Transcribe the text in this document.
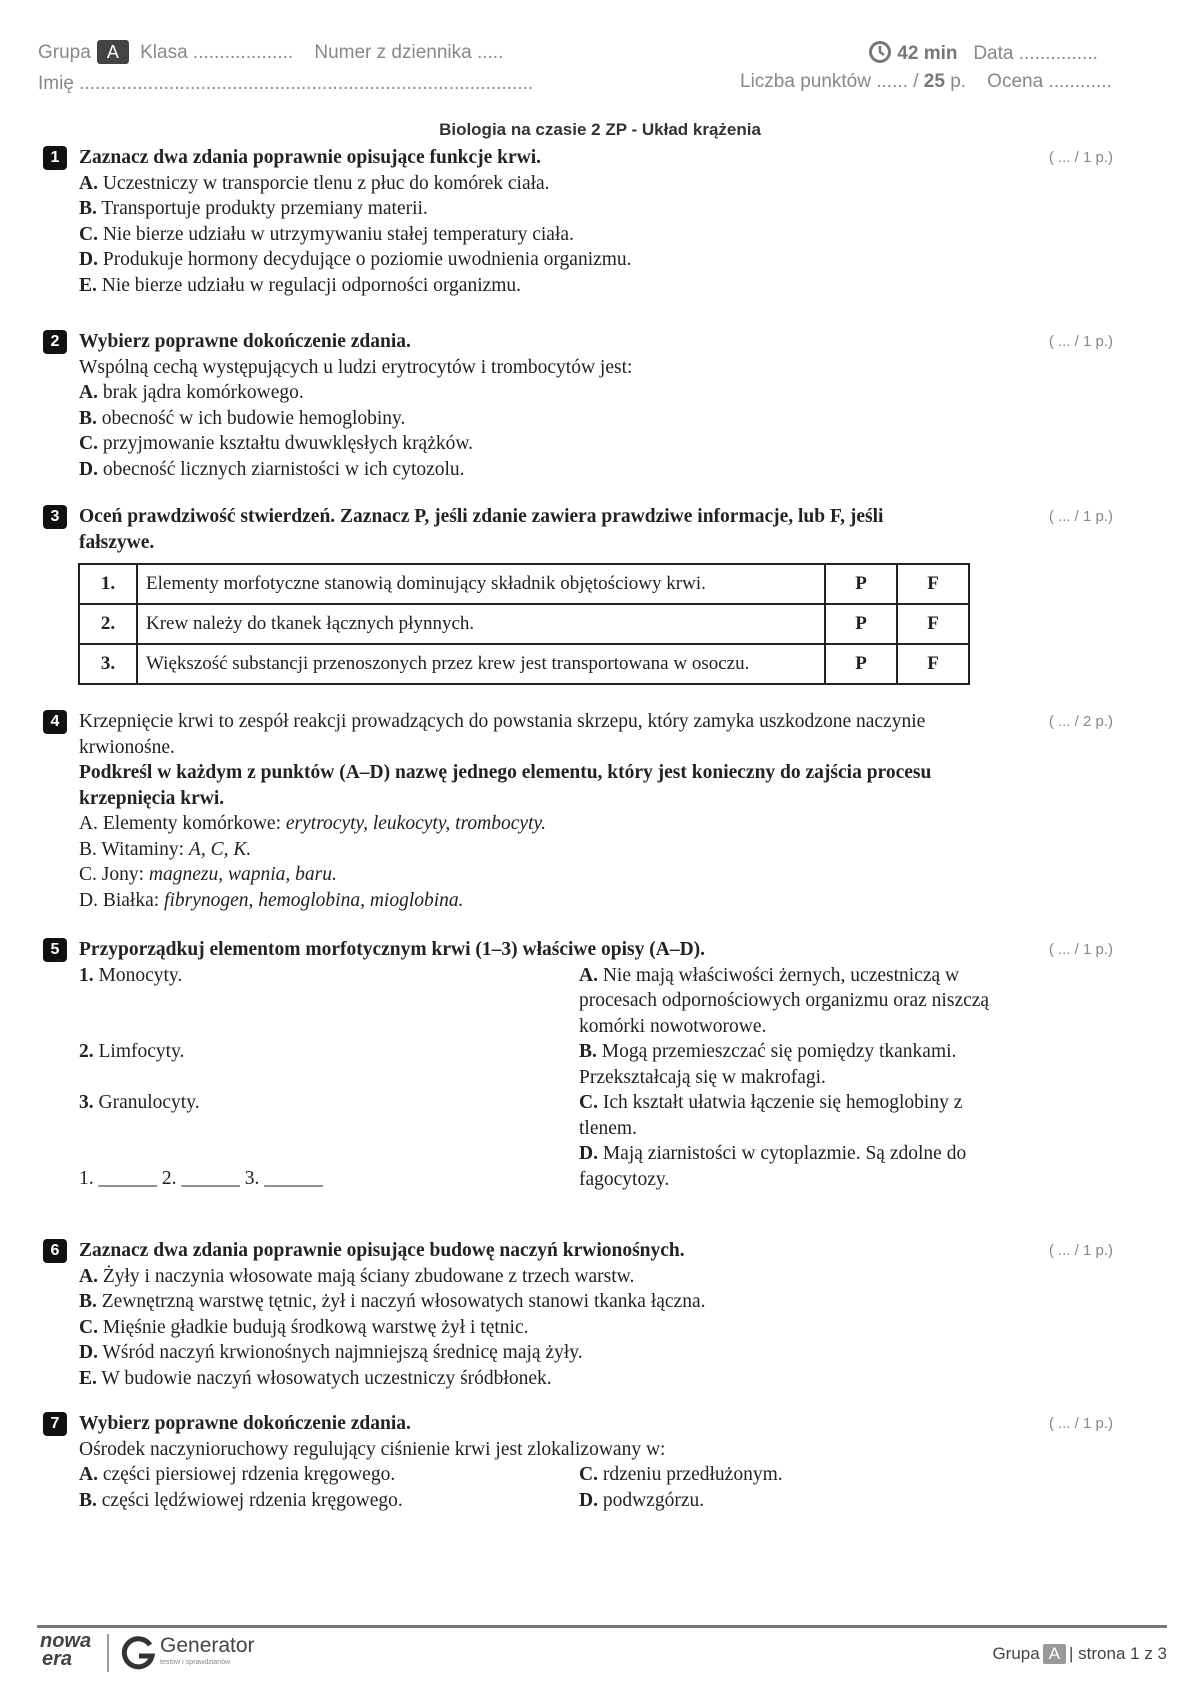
Grupa A Klasa ................... Numer z dziennika .....
Imię ......................................................................................
42 min Data ...............
Liczba punktów ...... / 25 p. Ocena ............
Biologia na czasie 2 ZP - Układ krążenia
1	( ... / 1 p.)
Zaznacz dwa zdania poprawnie opisujące funkcje krwi.
A. Uczestniczy w transporcie tlenu z płuc do komórek ciała.
B. Transportuje produkty przemiany materii.
C. Nie bierze udziału w utrzymywaniu stałej temperatury ciała.
D. Produkuje hormony decydujące o poziomie uwodnienia organizmu.
E. Nie bierze udziału w regulacji odporności organizmu.
2	( ... / 1 p.)
Wybierz poprawne dokończenie zdania.
Wspólną cechą występujących u ludzi erytrocytów i trombocytów jest:
A. brak jądra komórkowego.
B. obecność w ich budowie hemoglobiny.
C. przyjmowanie kształtu dwuwklęsłych krążków.
D. obecność licznych ziarnistości w ich cytozolu.
3	( ... / 1 p.)
Oceń prawdziwość stwierdzeń. Zaznacz P, jeśli zdanie zawiera prawdziwe informacje, lub F, jeśli
fałszywe.
1.	Elementy morfotyczne stanowią dominujący składnik objętościowy krwi.	P	F
2.	Krew należy do tkanek łącznych płynnych.	P	F
3.	Większość substancji przenoszonych przez krew jest transportowana w osoczu.	P	F
4	( ... / 2 p.)
Krzepnięcie krwi to zespół reakcji prowadzących do powstania skrzepu, który zamyka uszkodzone naczynie
krwionośne.
Podkreśl w każdym z punktów (A–D) nazwę jednego elementu, który jest konieczny do zajścia procesu
krzepnięcia krwi.
A. Elementy komórkowe: erytrocyty, leukocyty, trombocyty.
B. Witaminy: A, C, K.
C. Jony: magnezu, wapnia, baru.
D. Białka: fibrynogen, hemoglobina, mioglobina.
5	( ... / 1 p.)
Przyporządkuj elementom morfotycznym krwi (1–3) właściwe opisy (A–D).
1. Monocyty.
2. Limfocyty.
3. Granulocyty.
A. Nie mają właściwości żernych, uczestniczą w
procesach odpornościowych organizmu oraz niszczą
komórki nowotworowe.
B. Mogą przemieszczać się pomiędzy tkankami.
Przekształcają się w makrofagi.
C. Ich kształt ułatwia łączenie się hemoglobiny z
tlenem.
D. Mają ziarnistości w cytoplazmie. Są zdolne do
fagocytozy.
1. ______ 2. ______ 3. ______
6	( ... / 1 p.)
Zaznacz dwa zdania poprawnie opisujące budowę naczyń krwionośnych.
A. Żyły i naczynia włosowate mają ściany zbudowane z trzech warstw.
B. Zewnętrzną warstwę tętnic, żył i naczyń włosowatych stanowi tkanka łączna.
C. Mięśnie gładkie budują środkową warstwę żył i tętnic.
D. Wśród naczyń krwionośnych najmniejszą średnicę mają żyły.
E. W budowie naczyń włosowatych uczestniczy śródbłonek.
7	( ... / 1 p.)
Wybierz poprawne dokończenie zdania.
Ośrodek naczynioruchowy regulujący ciśnienie krwi jest zlokalizowany w:
A. części piersiowej rdzenia kręgowego.	C. rdzeniu przedłużonym.
B. części lędźwiowej rdzenia kręgowego.	D. podwzgórzu.
nowa
era
Generator
testów i sprawdzianów	Grupa A | strona 1 z 3
